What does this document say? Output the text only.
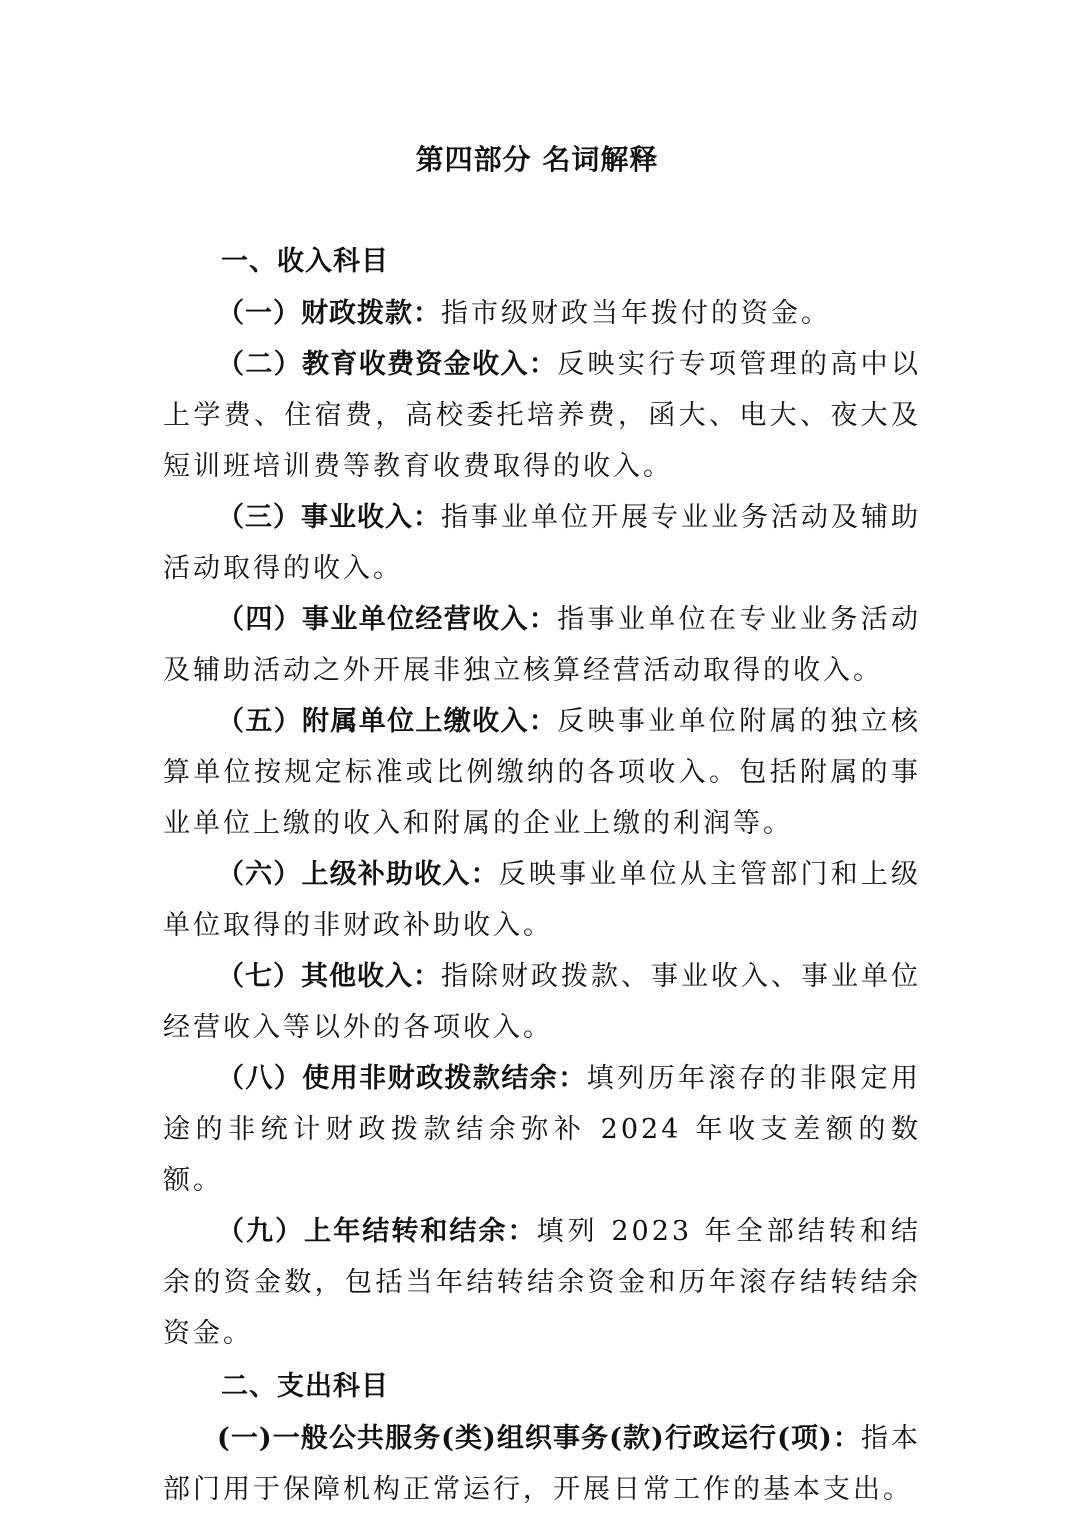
第四部分 名词解释

一、收入科目

（一）财政拨款：指市级财政当年拨付的资金。

（二）教育收费资金收入：反映实行专项管理的高中以上学费、住宿费，高校委托培养费，函大、电大、夜大及短训班培训费等教育收费取得的收入。

（三）事业收入：指事业单位开展专业业务活动及辅助活动取得的收入。

（四）事业单位经营收入：指事业单位在专业业务活动及辅助活动之外开展非独立核算经营活动取得的收入。

（五）附属单位上缴收入：反映事业单位附属的独立核算单位按规定标准或比例缴纳的各项收入。包括附属的事业单位上缴的收入和附属的企业上缴的利润等。

（六）上级补助收入：反映事业单位从主管部门和上级单位取得的非财政补助收入。

（七）其他收入：指除财政拨款、事业收入、事业单位经营收入等以外的各项收入。

（八）使用非财政拨款结余：填列历年滚存的非限定用途的非统计财政拨款结余弥补 2024 年收支差额的数额。

（九）上年结转和结余：填列 2023 年全部结转和结余的资金数，包括当年结转结余资金和历年滚存结转结余资金。

二、支出科目

(一)一般公共服务(类)组织事务(款)行政运行(项)：指本部门用于保障机构正常运行，开展日常工作的基本支出。
